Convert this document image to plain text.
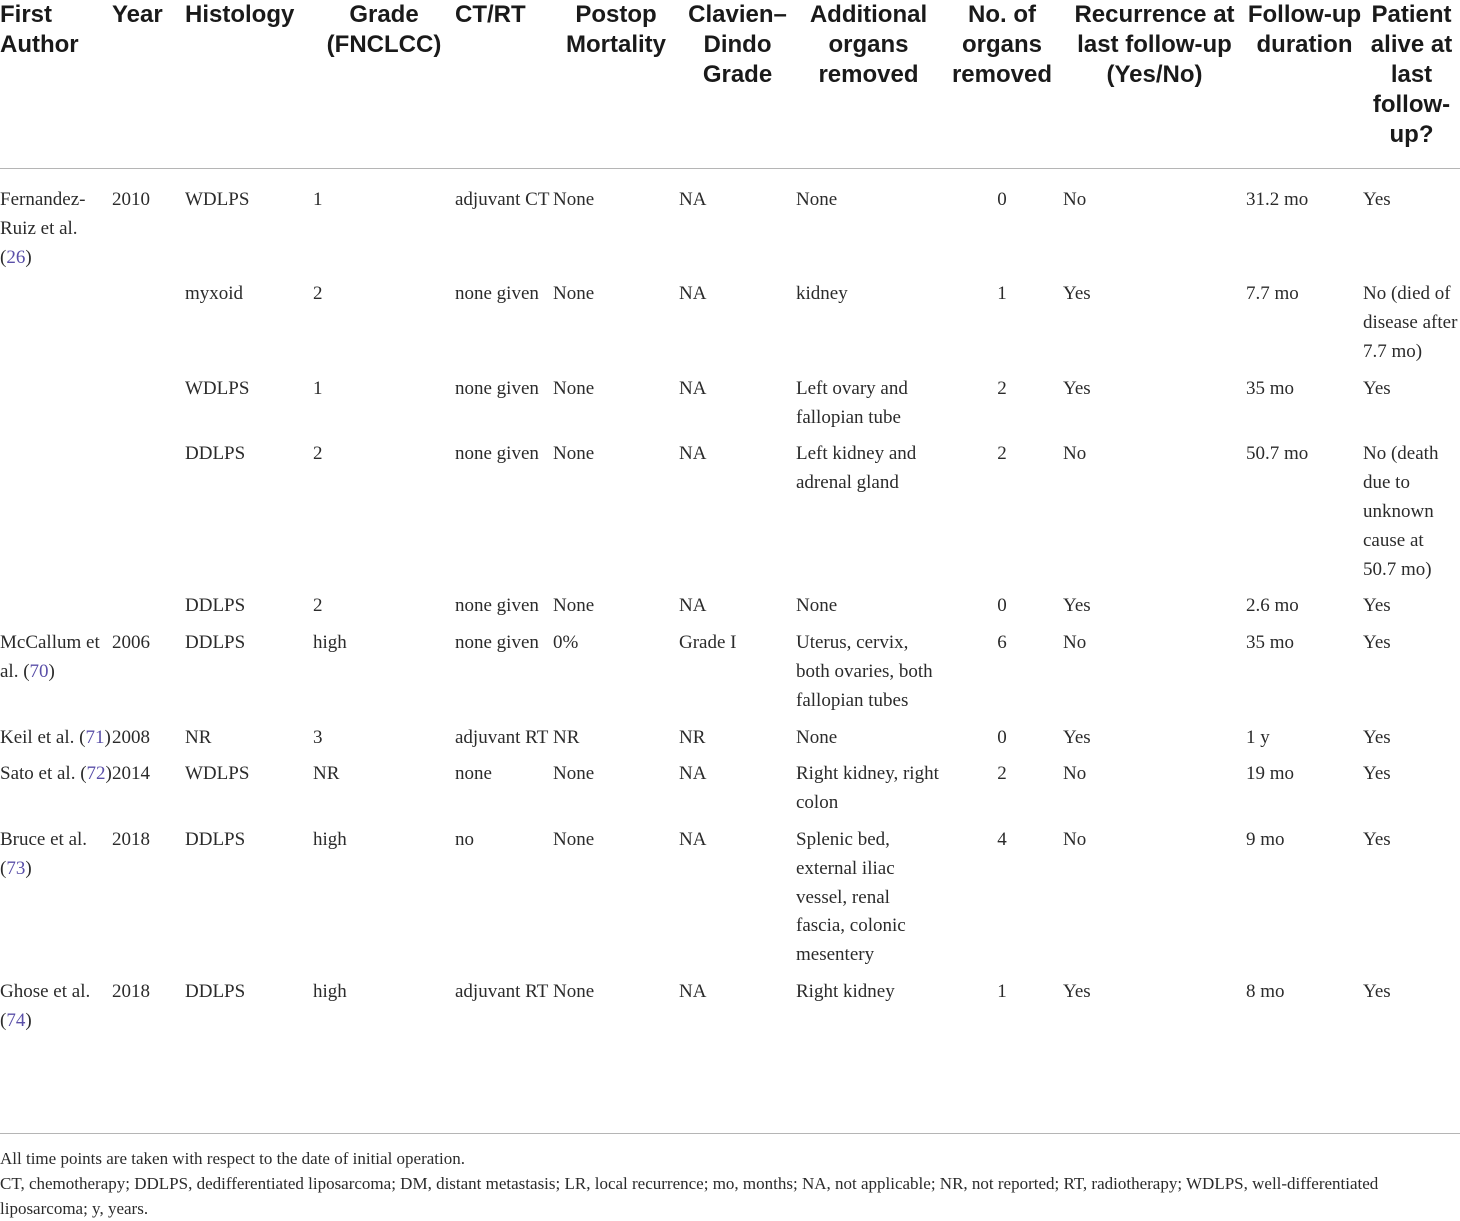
First Author	Year	Histology	Grade (FNCLCC)	CT/RT	Postop Mortality	Clavien–Dindo Grade	Additional organs removed	No. of organs removed	Recurrence at last follow-up (Yes/No)	Follow-up duration	Patient alive at last follow-up?
Fernandez-Ruiz et al. (26)	2010	WDLPS	1	adjuvant CT	None	NA	None	0	No	31.2 mo	Yes
		myxoid	2	none given	None	NA	kidney	1	Yes	7.7 mo	No (died of disease after 7.7 mo)
		WDLPS	1	none given	None	NA	Left ovary and fallopian tube	2	Yes	35 mo	Yes
		DDLPS	2	none given	None	NA	Left kidney and adrenal gland	2	No	50.7 mo	No (death due to unknown cause at 50.7 mo)
		DDLPS	2	none given	None	NA	None	0	Yes	2.6 mo	Yes
McCallum et al. (70)	2006	DDLPS	high	none given	0%	Grade I	Uterus, cervix, both ovaries, both fallopian tubes	6	No	35 mo	Yes
Keil et al. (71)	2008	NR	3	adjuvant RT	NR	NR	None	0	Yes	1 y	Yes
Sato et al. (72)	2014	WDLPS	NR	none	None	NA	Right kidney, right colon	2	No	19 mo	Yes
Bruce et al. (73)	2018	DDLPS	high	no	None	NA	Splenic bed, external iliac vessel, renal fascia, colonic mesentery	4	No	9 mo	Yes
Ghose et al. (74)	2018	DDLPS	high	adjuvant RT	None	NA	Right kidney	1	Yes	8 mo	Yes
All time points are taken with respect to the date of initial operation.
CT, chemotherapy; DDLPS, dedifferentiated liposarcoma; DM, distant metastasis; LR, local recurrence; mo, months; NA, not applicable; NR, not reported; RT, radiotherapy; WDLPS, well-differentiated liposarcoma; y, years.
